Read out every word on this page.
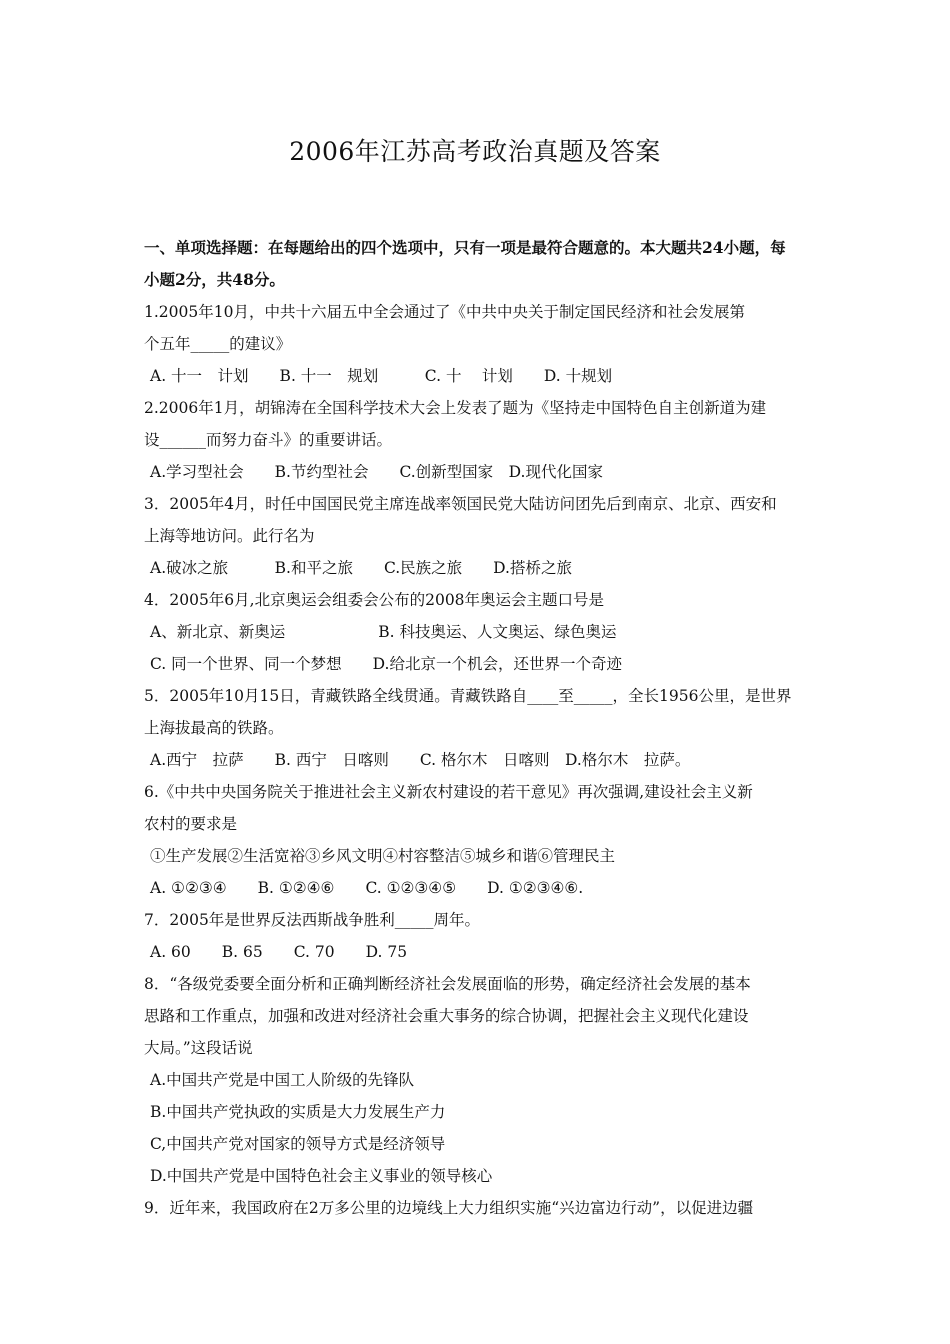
2006年江苏高考政治真题及答案
一、单项选择题：在每题给出的四个选项中，只有一项是最符合题意的。本大题共24小题，每
小题2分，共48分。
1.2005年10月，中共十六届五中全会通过了《中共中央关于制定国民经济和社会发展第
个五年_____的建议》
A. 十一　计划　　B. 十一　规划　　　C. 十　 计划　　D. 十规划
2.2006年1月，胡锦涛在全国科学技术大会上发表了题为《坚持走中国特色自主创新道为建
设______而努力奋斗》的重要讲话。
A.学习型社会　　B.节约型社会　　C.创新型国家　D.现代化国家
3．2005年4月，时任中国国民党主席连战率领国民党大陆访问团先后到南京、北京、西安和
上海等地访问。此行名为
A.破冰之旅　　　B.和平之旅　　C.民族之旅　　D.搭桥之旅
4．2005年6月,北京奥运会组委会公布的2008年奥运会主题口号是
A、新北京、新奥运　　　　　　B. 科技奥运、人文奥运、绿色奥运
C. 同一个世界、同一个梦想　　D.给北京一个机会，还世界一个奇迹
5．2005年10月15日，青藏铁路全线贯通。青藏铁路自____至_____，全长1956公里，是世界
上海拔最高的铁路。
A.西宁　拉萨　　B. 西宁　日喀则　　C. 格尔木　日喀则　D.格尔木　拉萨。
6.《中共中央国务院关于推进社会主义新农村建设的若干意见》再次强调,建设社会主义新
农村的要求是
①生产发展②生活宽裕③乡风文明④村容整洁⑤城乡和谐⑥管理民主
A. ①②③④　　B. ①②④⑥　　C. ①②③④⑤　　D. ①②③④⑥.
7．2005年是世界反法西斯战争胜利_____周年。
A. 60　　B. 65　　C. 70　　D. 75
8．“各级党委要全面分析和正确判断经济社会发展面临的形势，确定经济社会发展的基本
思路和工作重点，加强和改进对经济社会重大事务的综合协调，把握社会主义现代化建设
大局。”这段话说
A.中国共产党是中国工人阶级的先锋队
B.中国共产党执政的实质是大力发展生产力
C,中国共产党对国家的领导方式是经济领导
D.中国共产党是中国特色社会主义事业的领导核心
9．近年来，我国政府在2万多公里的边境线上大力组织实施“兴边富边行动”，以促进边疆
